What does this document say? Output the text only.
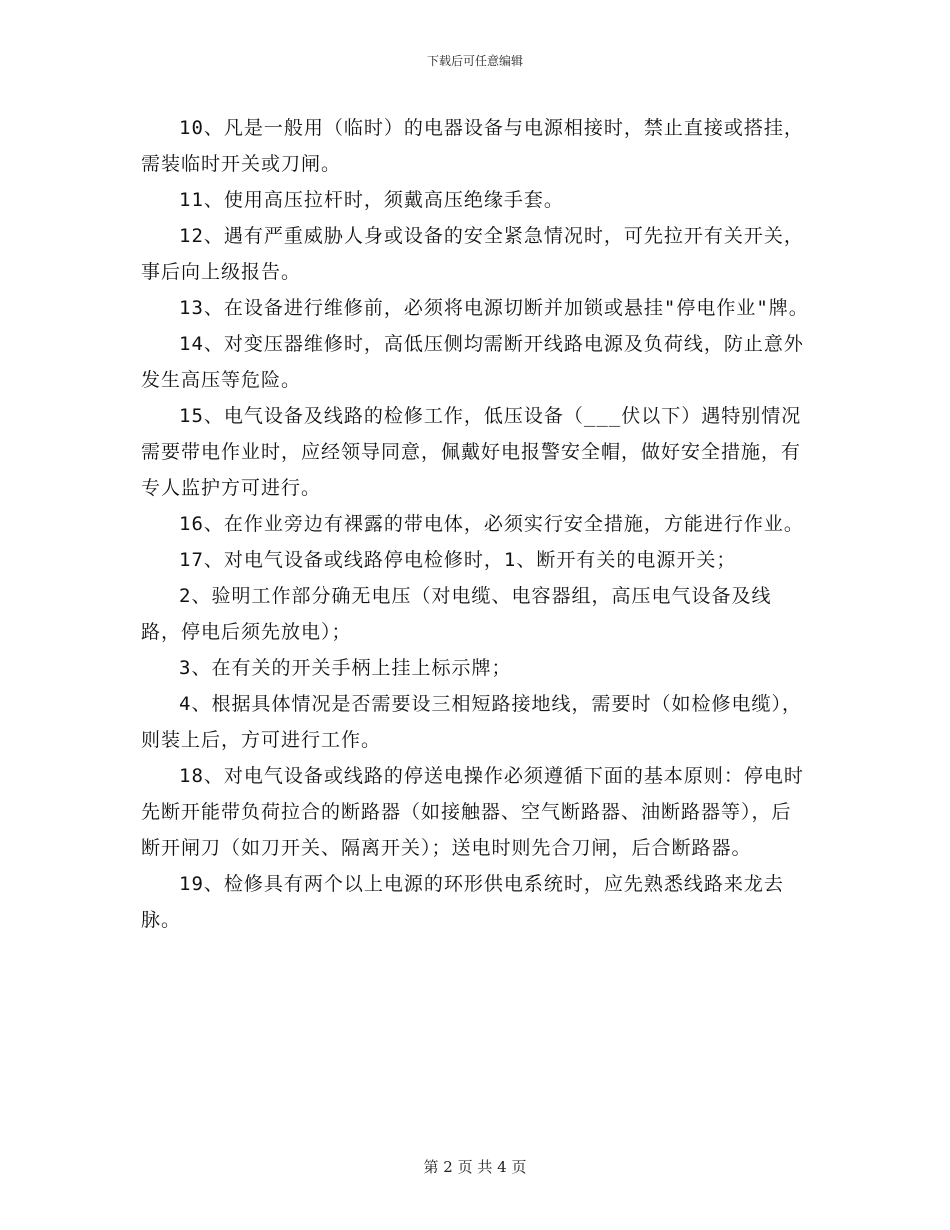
下载后可任意编辑

10、凡是一般用（临时）的电器设备与电源相接时，禁止直接或搭挂，需装临时开关或刀闸。

11、使用高压拉杆时，须戴高压绝缘手套。

12、遇有严重威胁人身或设备的安全紧急情况时，可先拉开有关开关，事后向上级报告。

13、在设备进行维修前，必须将电源切断并加锁或悬挂"停电作业"牌。

14、对变压器维修时，高低压侧均需断开线路电源及负荷线，防止意外发生高压等危险。

15、电气设备及线路的检修工作，低压设备（___伏以下）遇特别情况需要带电作业时，应经领导同意，佩戴好电报警安全帽，做好安全措施，有专人监护方可进行。

16、在作业旁边有裸露的带电体，必须实行安全措施，方能进行作业。

17、对电气设备或线路停电检修时，1、断开有关的电源开关；

2、验明工作部分确无电压（对电缆、电容器组，高压电气设备及线路，停电后须先放电）；

3、在有关的开关手柄上挂上标示牌；

4、根据具体情况是否需要设三相短路接地线，需要时（如检修电缆），则装上后，方可进行工作。

18、对电气设备或线路的停送电操作必须遵循下面的基本原则：停电时先断开能带负荷拉合的断路器（如接触器、空气断路器、油断路器等），后断开闸刀（如刀开关、隔离开关）；送电时则先合刀闸，后合断路器。

19、检修具有两个以上电源的环形供电系统时，应先熟悉线路来龙去脉。

第 2 页 共 4 页
